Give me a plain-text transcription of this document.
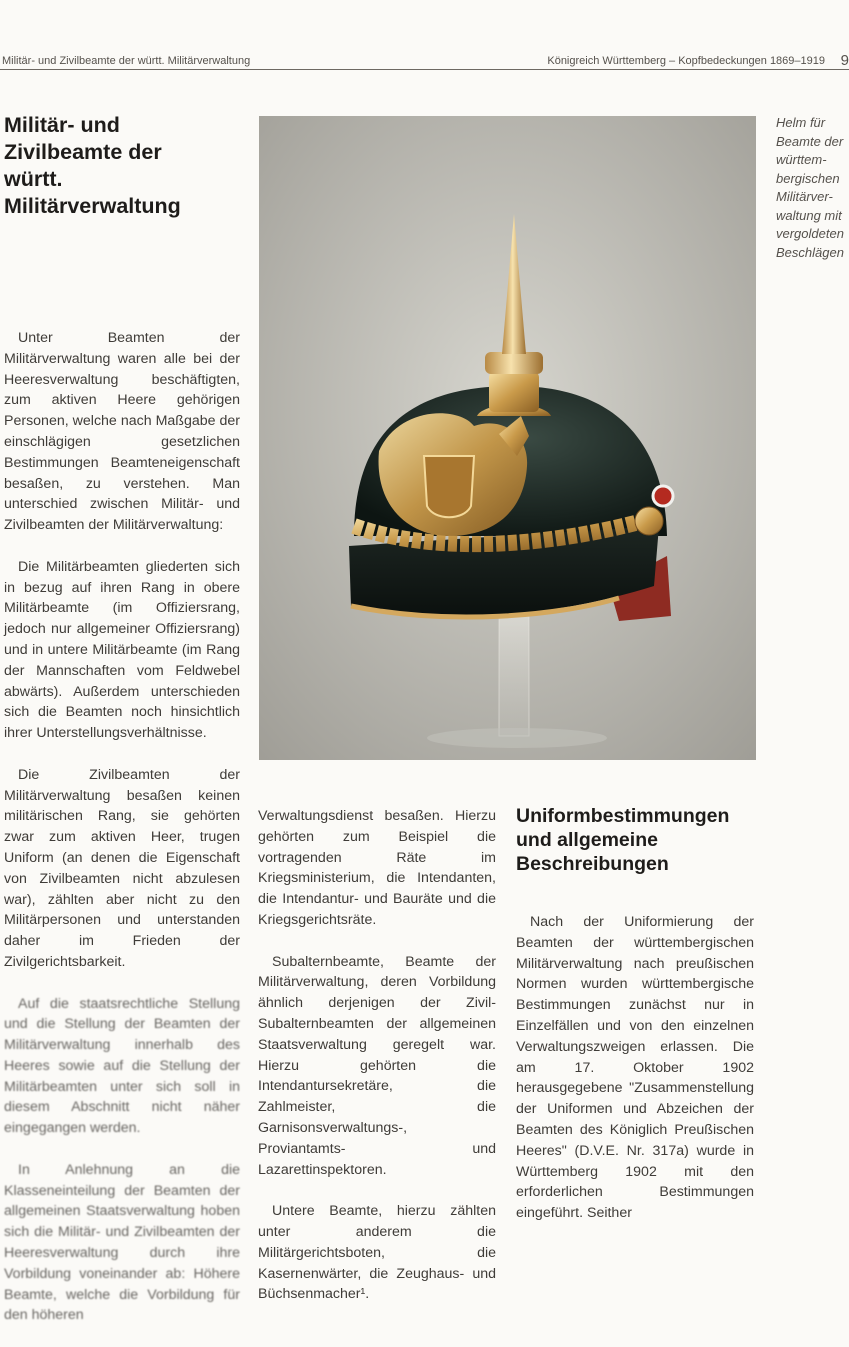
Militär- und Zivilbeamte der württ. Militärverwaltung	Königreich Württemberg – Kopfbedeckungen 1869–1919 9
Militär- und
Zivilbeamte der
württ.
Militärverwaltung

Unter Beamten der Militärverwaltung waren alle bei der Heeresverwaltung beschäftigten, zum aktiven Heere gehörigen Personen, welche nach Maßgabe der einschlägigen gesetzlichen Bestimmungen Beamteneigenschaft besaßen, zu verstehen. Man unterschied zwischen Militär- und Zivilbeamten der Militärverwaltung:

Die Militärbeamten gliederten sich in bezug auf ihren Rang in obere Militärbeamte (im Offiziersrang, jedoch nur allgemeiner Offiziersrang) und in untere Militärbeamte (im Rang der Mannschaften vom Feldwebel abwärts). Außerdem unterschieden sich die Beamten noch hinsichtlich ihrer Unterstellungsverhältnisse.

Die Zivilbeamten der Militärverwaltung besaßen keinen militärischen Rang, sie gehörten zwar zum aktiven Heer, trugen Uniform (an denen die Eigenschaft von Zivilbeamten nicht abzulesen war), zählten aber nicht zu den Militärpersonen und unterstanden daher im Frieden der Zivilgerichtsbarkeit.

Auf die staatsrechtliche Stellung und die Stellung der Beamten der Militärverwaltung innerhalb des Heeres sowie auf die Stellung der Militärbeamten unter sich soll in diesem Abschnitt nicht näher eingegangen werden.

In Anlehnung an die Klasseneinteilung der Beamten der allgemeinen Staatsverwaltung hoben sich die Militär- und Zivilbeamten der Heeresverwaltung durch ihre Vorbildung voneinander ab: Höhere Beamte, welche die Vorbildung für den höheren

Helm für
Beamte der
württem-
bergischen
Militärver-
waltung mit
vergoldeten
Beschlägen

Verwaltungsdienst besaßen. Hierzu gehörten zum Beispiel die vortragenden Räte im Kriegsministerium, die Intendanten, die Intendantur- und Bauräte und die Kriegsgerichtsräte.

Subalternbeamte, Beamte der Militärverwaltung, deren Vorbildung ähnlich derjenigen der Zivil-Subalternbeamten der allgemeinen Staatsverwaltung geregelt war. Hierzu gehörten die Intendantursekretäre, die Zahlmeister, die Garnisonsverwaltungs-, Proviantamts- und Lazarettinspektoren.

Untere Beamte, hierzu zählten unter anderem die Militärgerichtsboten, die Kasernenwärter, die Zeughaus- und Büchsenmacher¹.

Uniformbestimmungen
und allgemeine
Beschreibungen

Nach der Uniformierung der Beamten der württembergischen Militärverwaltung nach preußischen Normen wurden württembergische Bestimmungen zunächst nur in Einzelfällen und von den einzelnen Verwaltungszweigen erlassen. Die am 17. Oktober 1902 herausgegebene "Zusammenstellung der Uniformen und Abzeichen der Beamten des Königlich Preußischen Heeres" (D.V.E. Nr. 317a) wurde in Württemberg 1902 mit den erforderlichen Bestimmungen eingeführt. Seither
